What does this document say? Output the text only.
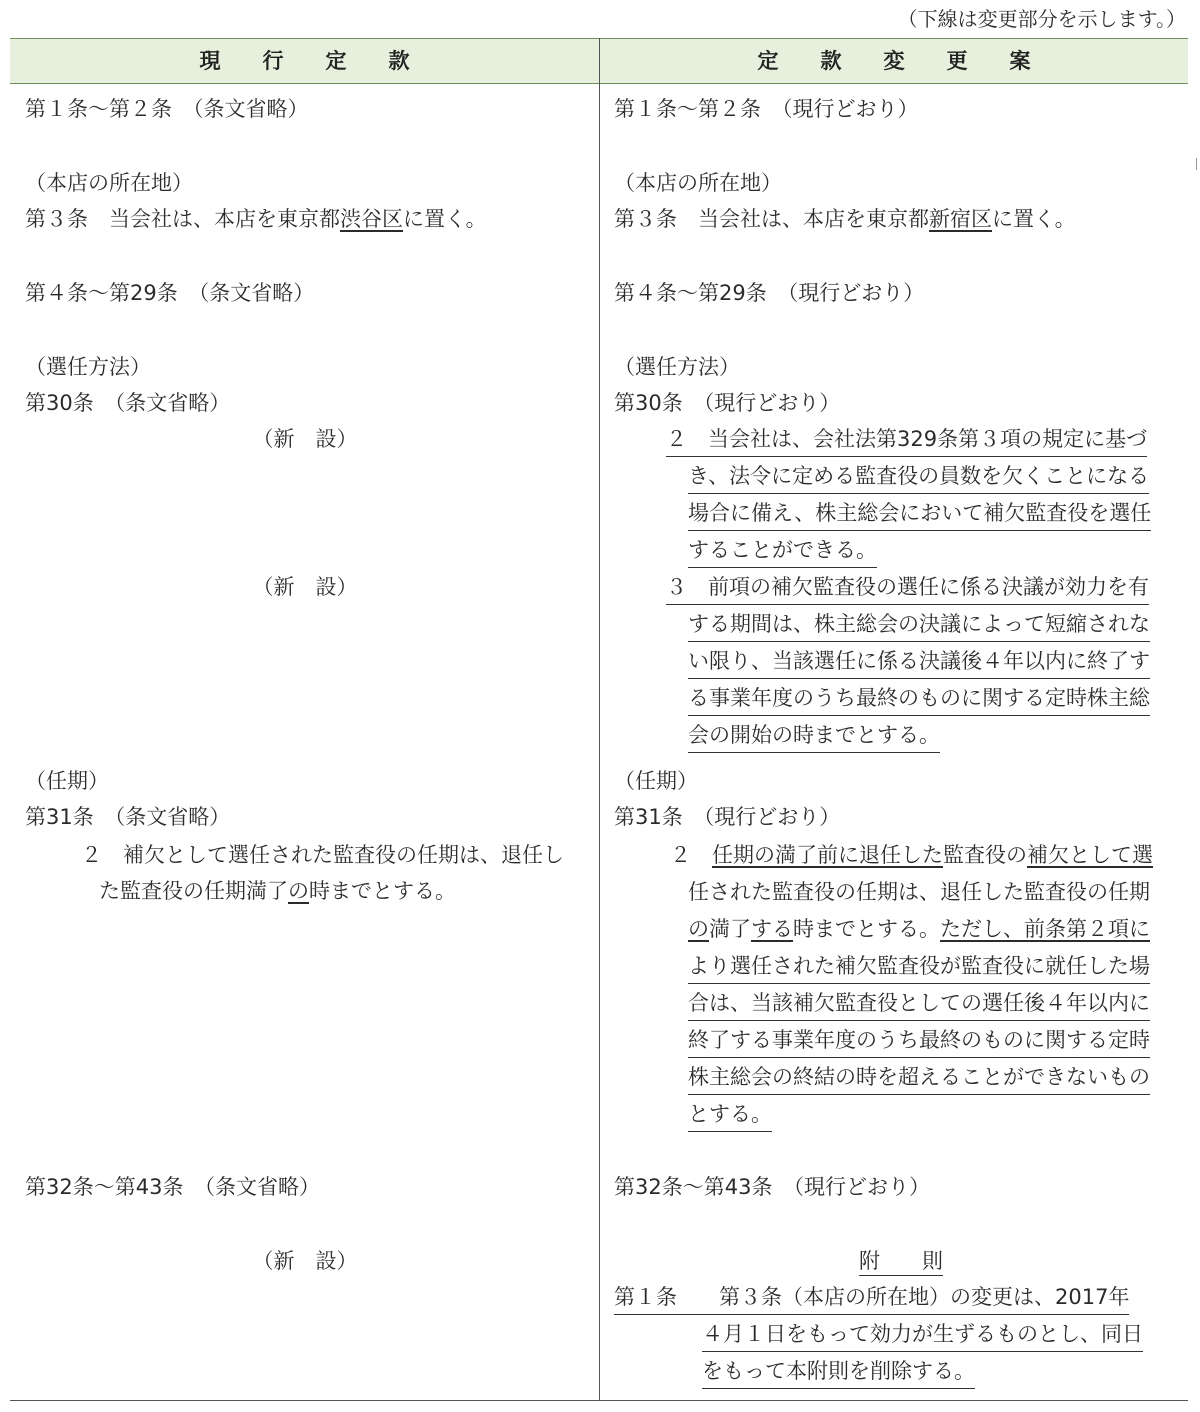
（下線は変更部分を示します。）
現　　行　　定　　款	定　　款　　変　　更　　案
第１条～第２条　（条文省略）
（本店の所在地）
第３条　当会社は、本店を東京都渋谷区に置く。
第４条～第29条　（条文省略）
（選任方法）
第30条　（条文省略）
（新　設）
（新　設）
（任期）
第31条　（条文省略）
２　補欠として選任された監査役の任期は、退任し
た監査役の任期満了の時までとする。
第32条～第43条　（条文省略）
（新　設）
第１条～第２条　（現行どおり）
（本店の所在地）
第３条　当会社は、本店を東京都新宿区に置く。
第４条～第29条　（現行どおり）
（選任方法）
第30条　（現行どおり）
２　当会社は、会社法第329条第３項の規定に基づ
き、法令に定める監査役の員数を欠くことになる
場合に備え、株主総会において補欠監査役を選任
することができる。
３　前項の補欠監査役の選任に係る決議が効力を有
する期間は、株主総会の決議によって短縮されな
い限り、当該選任に係る決議後４年以内に終了す
る事業年度のうち最終のものに関する定時株主総
会の開始の時までとする。
（任期）
第31条　（現行どおり）
２　任期の満了前に退任した監査役の補欠として選
任された監査役の任期は、退任した監査役の任期
の満了する時までとする。ただし、前条第２項に
より選任された補欠監査役が監査役に就任した場
合は、当該補欠監査役としての選任後４年以内に
終了する事業年度のうち最終のものに関する定時
株主総会の終結の時を超えることができないもの
とする。
第32条～第43条　（現行どおり）
附　　則
第１条　　第３条（本店の所在地）の変更は、2017年
４月１日をもって効力が生ずるものとし、同日
をもって本附則を削除する。
